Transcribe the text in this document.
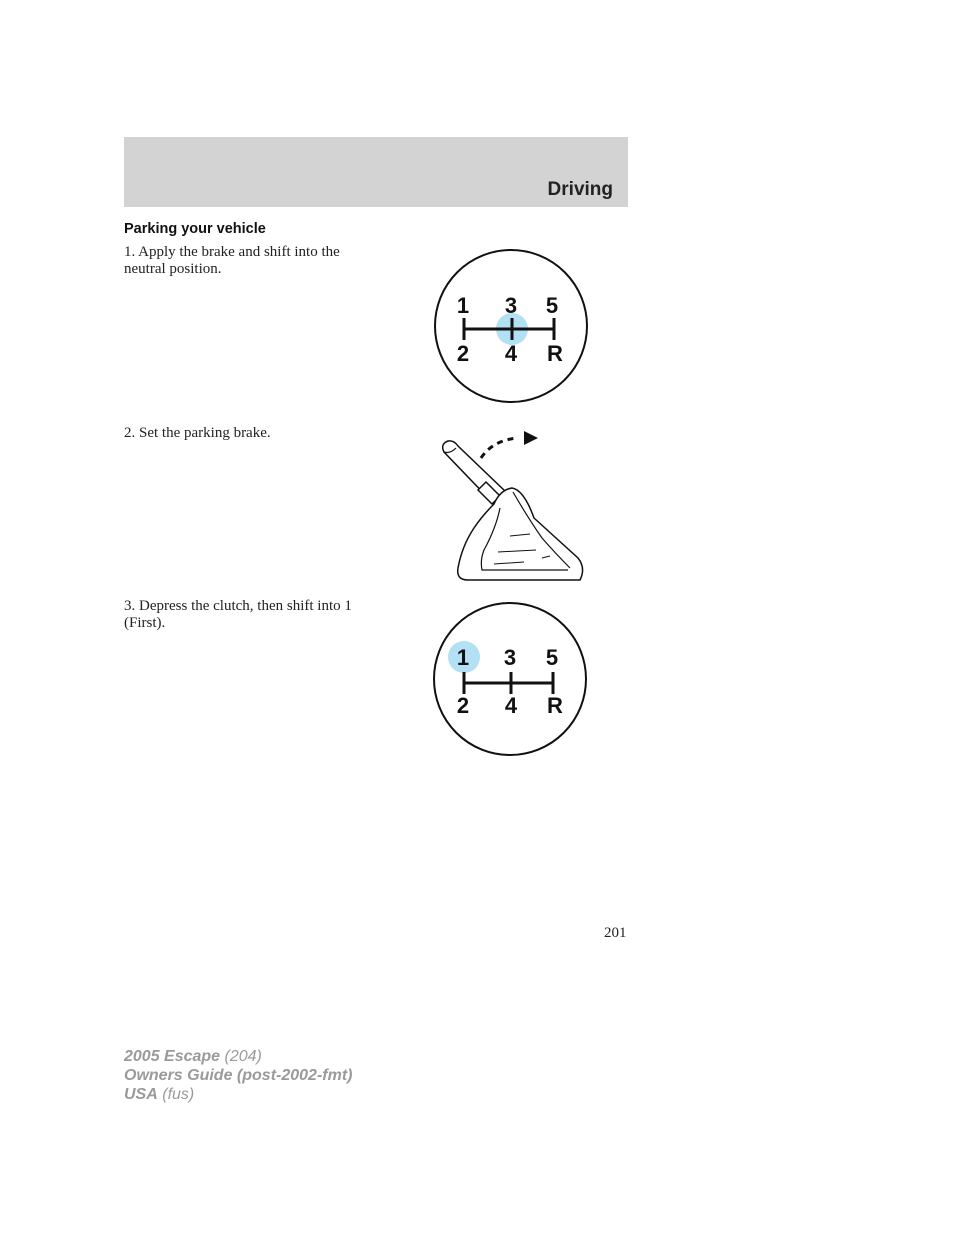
Driving
Parking your vehicle
1. Apply the brake and shift into the neutral position.
2. Set the parking brake.
3. Depress the clutch, then shift into 1 (First).
1 3 5
2 4 R
1 3 5
2 4 R
201
2005 Escape (204)
Owners Guide (post-2002-fmt)
USA (fus)
